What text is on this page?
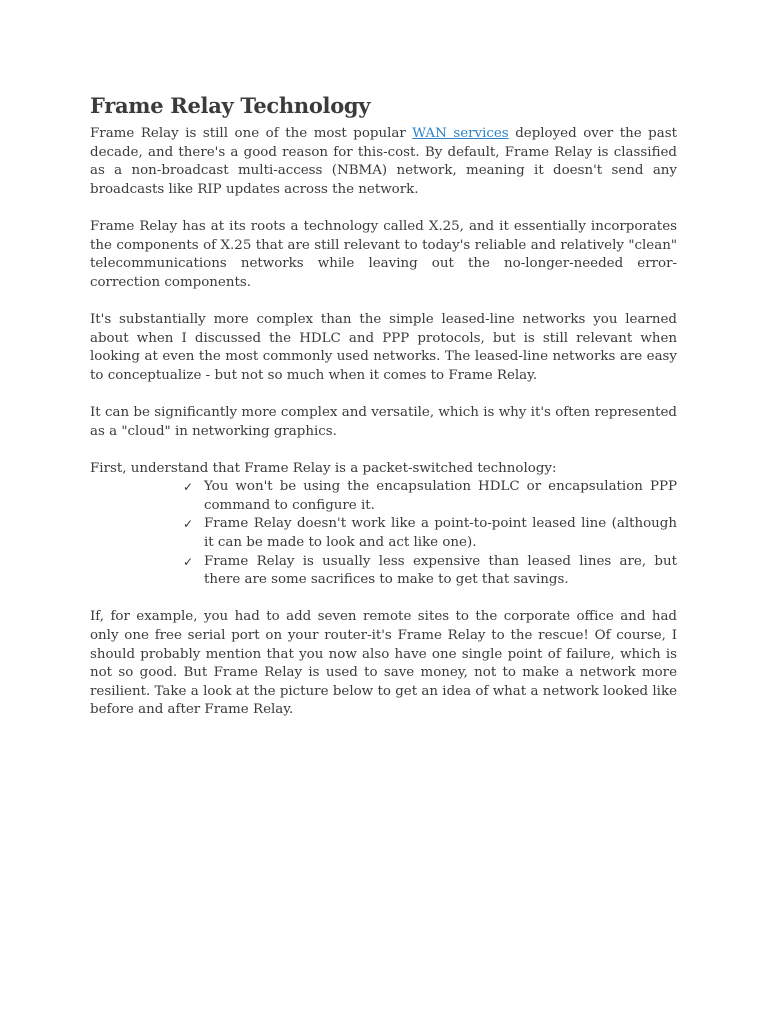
Frame Relay Technology

Frame Relay is still one of the most popular WAN services deployed over the past decade, and there's a good reason for this-cost. By default, Frame Relay is classified as a non-broadcast multi-access (NBMA) network, meaning it doesn't send any broadcasts like RIP updates across the network.

Frame Relay has at its roots a technology called X.25, and it essentially incorporates the components of X.25 that are still relevant to today's reliable and relatively "clean" telecommunications networks while leaving out the no-longer-needed error-correction components.

It's substantially more complex than the simple leased-line networks you learned about when I discussed the HDLC and PPP protocols, but is still relevant when looking at even the most commonly used networks. The leased-line networks are easy to conceptualize - but not so much when it comes to Frame Relay.

It can be significantly more complex and versatile, which is why it's often represented as a "cloud" in networking graphics.

First, understand that Frame Relay is a packet-switched technology:

✓ You won't be using the encapsulation HDLC or encapsulation PPP command to configure it.
✓ Frame Relay doesn't work like a point-to-point leased line (although it can be made to look and act like one).
✓ Frame Relay is usually less expensive than leased lines are, but there are some sacrifices to make to get that savings.

If, for example, you had to add seven remote sites to the corporate office and had only one free serial port on your router-it's Frame Relay to the rescue! Of course, I should probably mention that you now also have one single point of failure, which is not so good. But Frame Relay is used to save money, not to make a network more resilient. Take a look at the picture below to get an idea of what a network looked like before and after Frame Relay.
